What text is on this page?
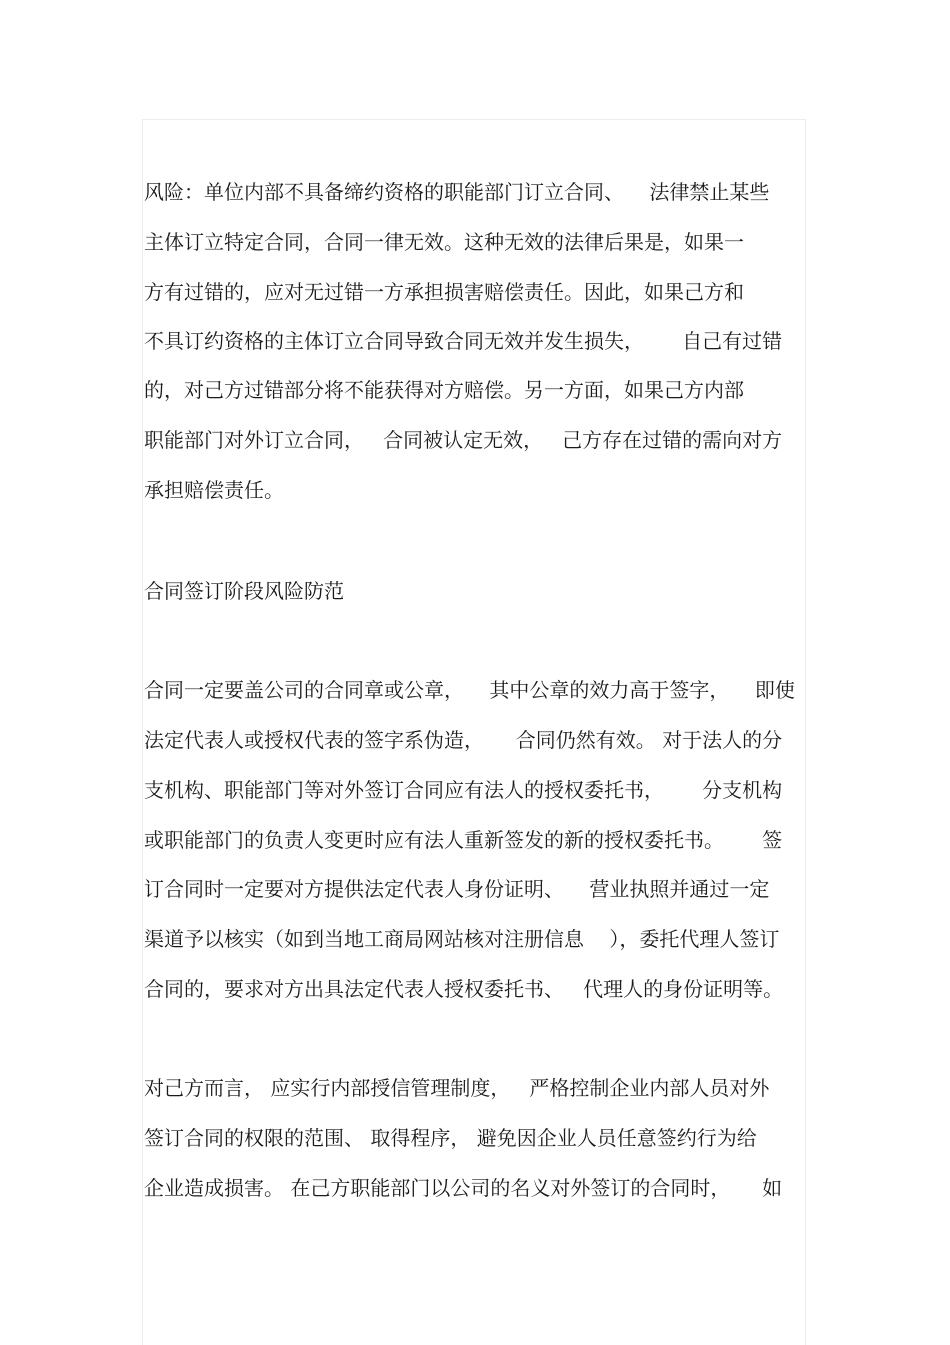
风险：单位内部不具备缔约资格的职能部门订立合同、    法律禁止某些
主体订立特定合同，合同一律无效。这种无效的法律后果是，如果一
方有过错的，应对无过错一方承担损害赔偿责任。因此，如果己方和
不具订约资格的主体订立合同导致合同无效并发生损失，      自己有过错
的，对己方过错部分将不能获得对方赔偿。另一方面，如果己方内部
职能部门对外订立合同，   合同被认定无效，   己方存在过错的需向对方
承担赔偿责任。
合同签订阶段风险防范
合同一定要盖公司的合同章或公章，    其中公章的效力高于签字，    即使
法定代表人或授权代表的签字系伪造，     合同仍然有效。 对于法人的分
支机构、职能部门等对外签订合同应有法人的授权委托书，      分支机构
或职能部门的负责人变更时应有法人重新签发的新的授权委托书。      签
订合同时一定要对方提供法定代表人身份证明、    营业执照并通过一定
渠道予以核实（如到当地工商局网站核对注册信息    ），委托代理人签订
合同的，要求对方出具法定代表人授权委托书、   代理人的身份证明等。
对己方而言， 应实行内部授信管理制度，   严格控制企业内部人员对外
签订合同的权限的范围、 取得程序， 避免因企业人员任意签约行为给
企业造成损害。 在己方职能部门以公司的名义对外签订的合同时，     如
